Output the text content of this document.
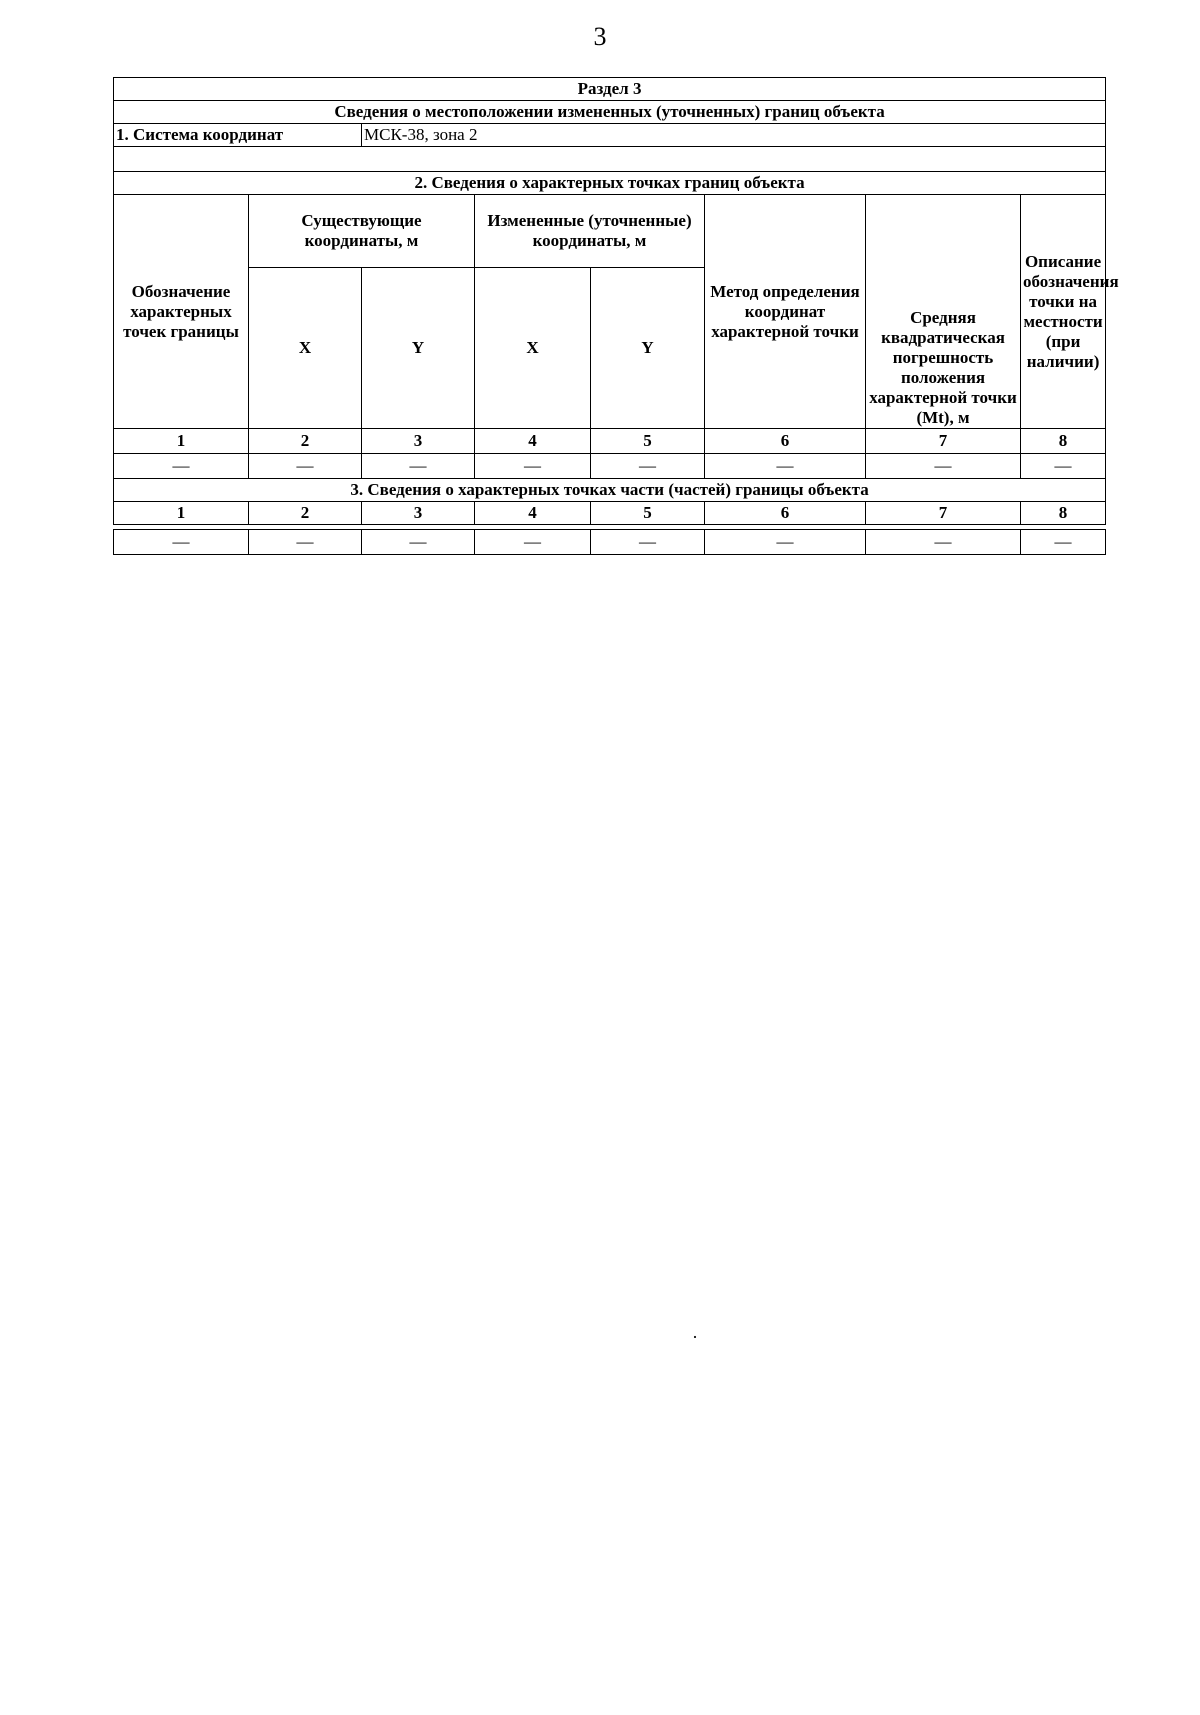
3
Раздел 3							
Сведения о местоположении измененных (уточненных) границ объекта							
1. Система координат		МСК-38, зона 2					

2. Сведения о характерных точках границ объекта							
Обозначение характерных точек границы	Существующие координаты, м		Измененные (уточненные) координаты, м		Метод определения координат характерной точки	Средняя квадратическая погрешность положения характерной точки (Mt), м	Описание обозначения точки на местности (при наличии)
	X	Y	X	Y			
1	2	3	4	5	6	7	8
—	—	—	—	—	—	—	—
3. Сведения о характерных точках части (частей) границы объекта							
1	2	3	4	5	6	7	8

—	—	—	—	—	—	—	—
·
